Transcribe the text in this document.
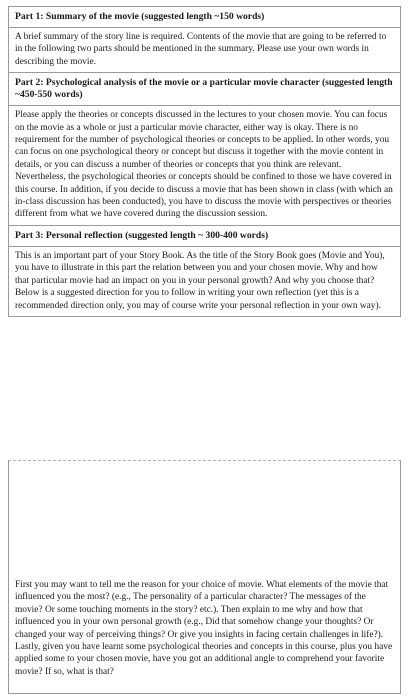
Part 1: Summary of the movie (suggested length ~150 words)
A brief summary of the story line is required. Contents of the movie that are going to be referred to in the following two parts should be mentioned in the summary. Please use your own words in describing the movie.
Part 2: Psychological analysis of the movie or a particular movie character (suggested length ~450-550 words)
Please apply the theories or concepts discussed in the lectures to your chosen movie. You can focus on the movie as a whole or just a particular movie character, either way is okay. There is no requirement for the number of psychological theories or concepts to be applied. In other words, you can focus on one psychological theory or concept but discuss it together with the movie content in details, or you can discuss a number of theories or concepts that you think are relevant. Nevertheless, the psychological theories or concepts should be confined to those we have covered in this course. In addition, if you decide to discuss a movie that has been shown in class (with which an in-class discussion has been conducted), you have to discuss the movie with perspectives or theories different from what we have covered during the discussion session.
Part 3: Personal reflection (suggested length ~ 300-400 words)
This is an important part of your Story Book. As the title of the Story Book goes (Movie and You), you have to illustrate in this part the relation between you and your chosen movie. Why and how that particular movie had an impact on you in your personal growth? And why you choose that? Below is a suggested direction for you to follow in writing your own reflection (yet this is a recommended direction only, you may of course write your personal reflection in your own way).
First you may want to tell me the reason for your choice of movie. What elements of the movie that influenced you the most? (e.g., The personality of a particular character? The messages of the movie? Or some touching moments in the story? etc.). Then explain to me why and how that influenced you in your own personal growth (e.g., Did that somehow change your thoughts? Or changed your way of perceiving things? Or give you insights in facing certain challenges in life?). Lastly, given you have learnt some psychological theories and concepts in this course, plus you have applied some to your chosen movie, have you got an additional angle to comprehend your favorite movie? If so, what is that?
